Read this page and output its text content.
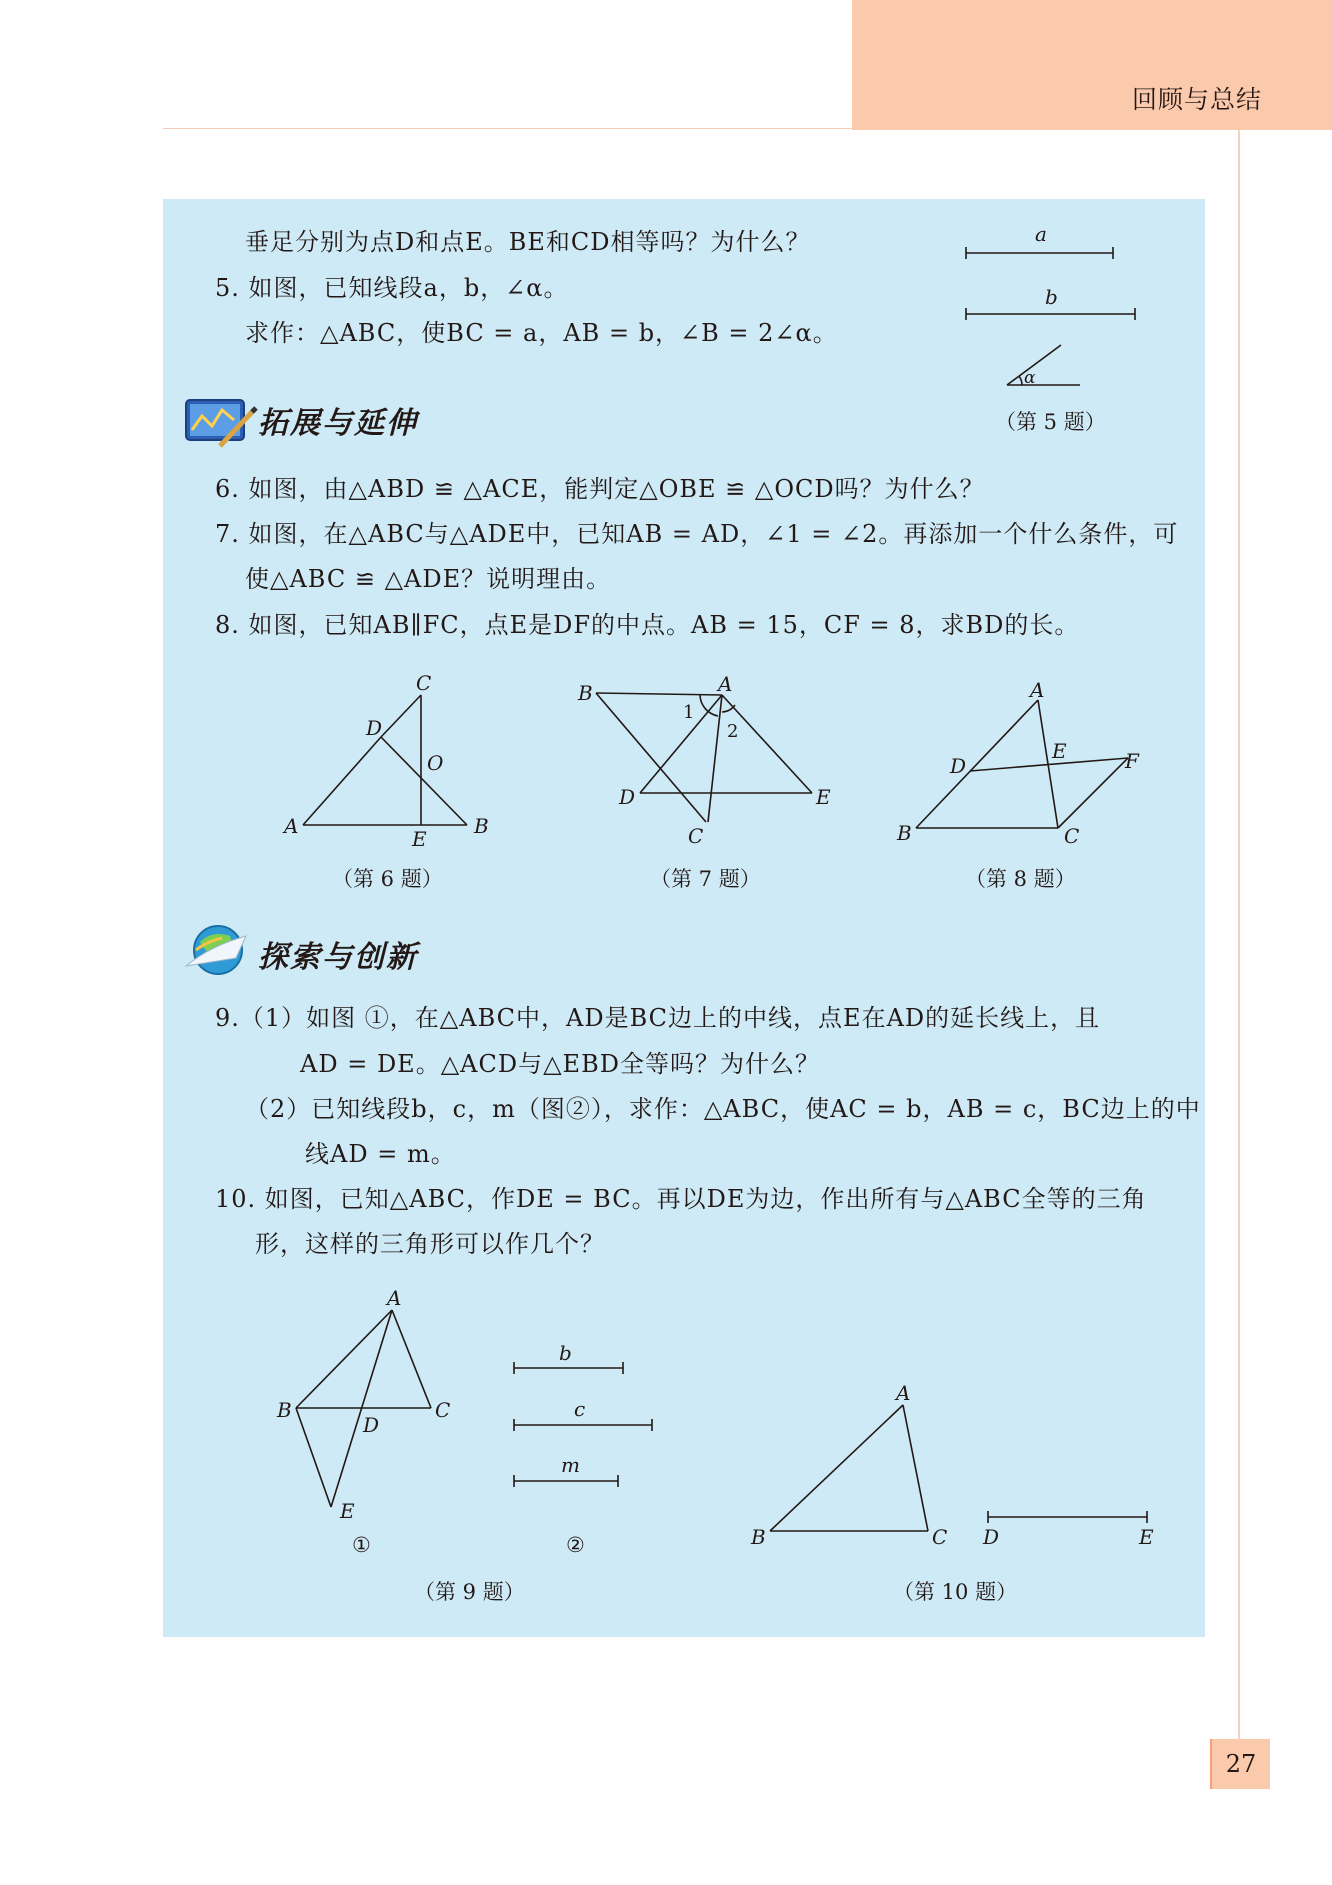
回顾与总结
27
垂足分别为点D和点E。BE和CD相等吗？为什么？
5. 如图，已知线段a，b，∠α。
求作：△ABC，使BC = a，AB = b，∠B = 2∠α。
拓展与延伸
6. 如图，由△ABD ≌ △ACE，能判定△OBE ≌ △OCD吗？为什么？
7. 如图，在△ABC与△ADE中，已知AB = AD，∠1 = ∠2。再添加一个什么条件，可
使△ABC ≌ △ADE？说明理由。
8. 如图，已知AB∥FC，点E是DF的中点。AB = 15，CF = 8，求BD的长。
探索与创新
9.（1）如图 ①，在△ABC中，AD是BC边上的中线，点E在AD的延长线上，且
AD = DE。△ACD与△EBD全等吗？为什么？
（2）已知线段b，c，m（图②），求作：△ABC，使AC = b，AB = c，BC边上的中
线AD = m。
10. 如图，已知△ABC，作DE = BC。再以DE为边，作出所有与△ABC全等的三角
形，这样的三角形可以作几个？
a
b
α
C
D
O
A
E
B
B	A
1
2
D	E
C
A
D
E	F
B	C
A
B	C
D
E
b
c
m
A
B	C D	E
（第 5 题）
（第 6 题）	（第 7 题）	（第 8 题）
①	②
（第 9 题）	（第 10 题）
